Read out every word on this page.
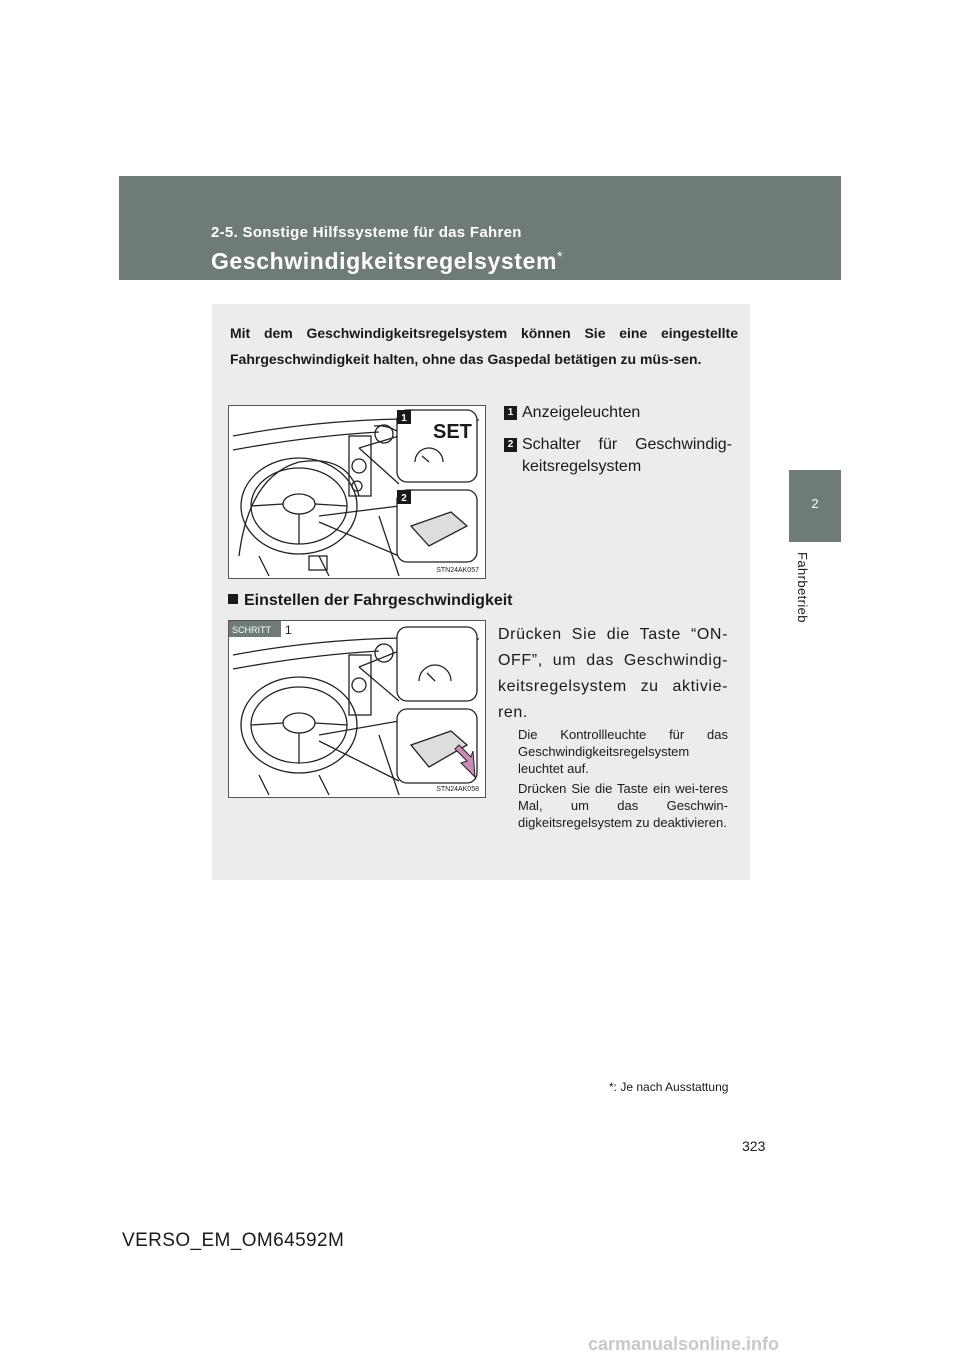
2-5. Sonstige Hilfssysteme für das Fahren
Geschwindigkeitsregelsystem*
2
Fahrbetrieb
Mit dem Geschwindigkeitsregelsystem können Sie eine eingestellte Fahrgeschwindigkeit halten, ohne das Gaspedal betätigen zu müs-sen.
1
2
SET
STN24AK057
1 Anzeigeleuchten
2 Schalter für Geschwindig-keitsregelsystem
Einstellen der Fahrgeschwindigkeit
SCHRITT 1
STN24AK058
Drücken Sie die Taste “ON-OFF”, um das Geschwindig-keitsregelsystem zu aktivie-ren.
Die Kontrollleuchte für das Geschwindigkeitsregelsystem leuchtet auf.
Drücken Sie die Taste ein wei-teres Mal, um das Geschwin-digkeitsregelsystem zu deaktivieren.
*: Je nach Ausstattung
323
VERSO_EM_OM64592M
carmanualsonline.info
